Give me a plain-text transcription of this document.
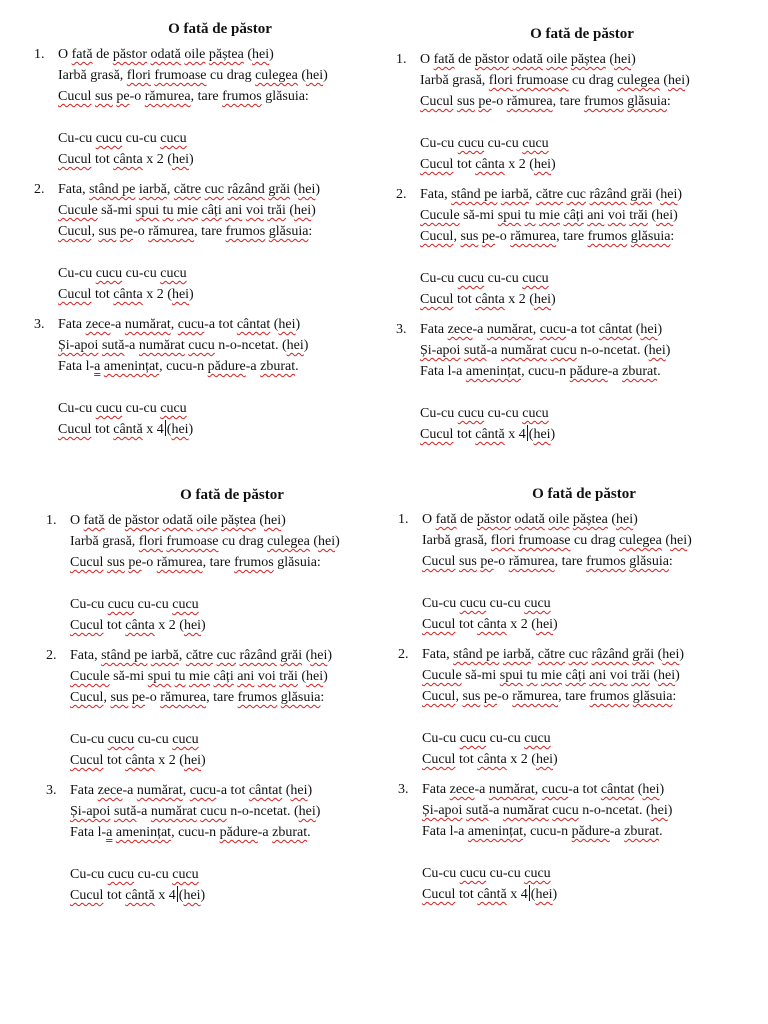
O fată de păstor
1. O fată de păstor odată oile păștea (hei)
Iarbă grasă, flori frumoase cu drag culegea (hei)
Cucul sus pe-o rămurea, tare frumos glăsuia:
Cu-cu cucu cu-cu cucu
Cucul tot cânta x 2 (hei)
2. Fata, stând pe iarbă, către cuc râzând grăi (hei)
Cucule să-mi spui tu mie câți ani voi trăi (hei)
Cucul, sus pe-o rămurea, tare frumos glăsuia:
Cu-cu cucu cu-cu cucu
Cucul tot cânta x 2 (hei)
3. Fata zece-a numărat, cucu-a tot cântat (hei)
Și-apoi sută-a numărat cucu n-o-ncetat. (hei)
Fata l-a amenințat, cucu-n pădure-a zburat.
Cu-cu cucu cu-cu cucu
Cucul tot cântă x 4 (hei)
O fată de păstor
1. O fată de păstor odată oile păștea (hei)
Iarbă grasă, flori frumoase cu drag culegea (hei)
Cucul sus pe-o rămurea, tare frumos glăsuia:
Cu-cu cucu cu-cu cucu
Cucul tot cânta x 2 (hei)
2. Fata, stând pe iarbă, către cuc râzând grăi (hei)
Cucule să-mi spui tu mie câți ani voi trăi (hei)
Cucul, sus pe-o rămurea, tare frumos glăsuia:
Cu-cu cucu cu-cu cucu
Cucul tot cânta x 2 (hei)
3. Fata zece-a numărat, cucu-a tot cântat (hei)
Și-apoi sută-a numărat cucu n-o-ncetat. (hei)
Fata l-a amenințat, cucu-n pădure-a zburat.
Cu-cu cucu cu-cu cucu
Cucul tot cântă x 4 (hei)
O fată de păstor
1. O fată de păstor odată oile păștea (hei)
Iarbă grasă, flori frumoase cu drag culegea (hei)
Cucul sus pe-o rămurea, tare frumos glăsuia:
Cu-cu cucu cu-cu cucu
Cucul tot cânta x 2 (hei)
2. Fata, stând pe iarbă, către cuc râzând grăi (hei)
Cucule să-mi spui tu mie câți ani voi trăi (hei)
Cucul, sus pe-o rămurea, tare frumos glăsuia:
Cu-cu cucu cu-cu cucu
Cucul tot cânta x 2 (hei)
3. Fata zece-a numărat, cucu-a tot cântat (hei)
Și-apoi sută-a numărat cucu n-o-ncetat. (hei)
Fata l-a amenințat, cucu-n pădure-a zburat.
Cu-cu cucu cu-cu cucu
Cucul tot cântă x 4 (hei)
O fată de păstor
1. O fată de păstor odată oile păștea (hei)
Iarbă grasă, flori frumoase cu drag culegea (hei)
Cucul sus pe-o rămurea, tare frumos glăsuia:
Cu-cu cucu cu-cu cucu
Cucul tot cânta x 2 (hei)
2. Fata, stând pe iarbă, către cuc râzând grăi (hei)
Cucule să-mi spui tu mie câți ani voi trăi (hei)
Cucul, sus pe-o rămurea, tare frumos glăsuia:
Cu-cu cucu cu-cu cucu
Cucul tot cânta x 2 (hei)
3. Fata zece-a numărat, cucu-a tot cântat (hei)
Și-apoi sută-a numărat cucu n-o-ncetat. (hei)
Fata l-a amenințat, cucu-n pădure-a zburat.
Cu-cu cucu cu-cu cucu
Cucul tot cântă x 4 (hei)
